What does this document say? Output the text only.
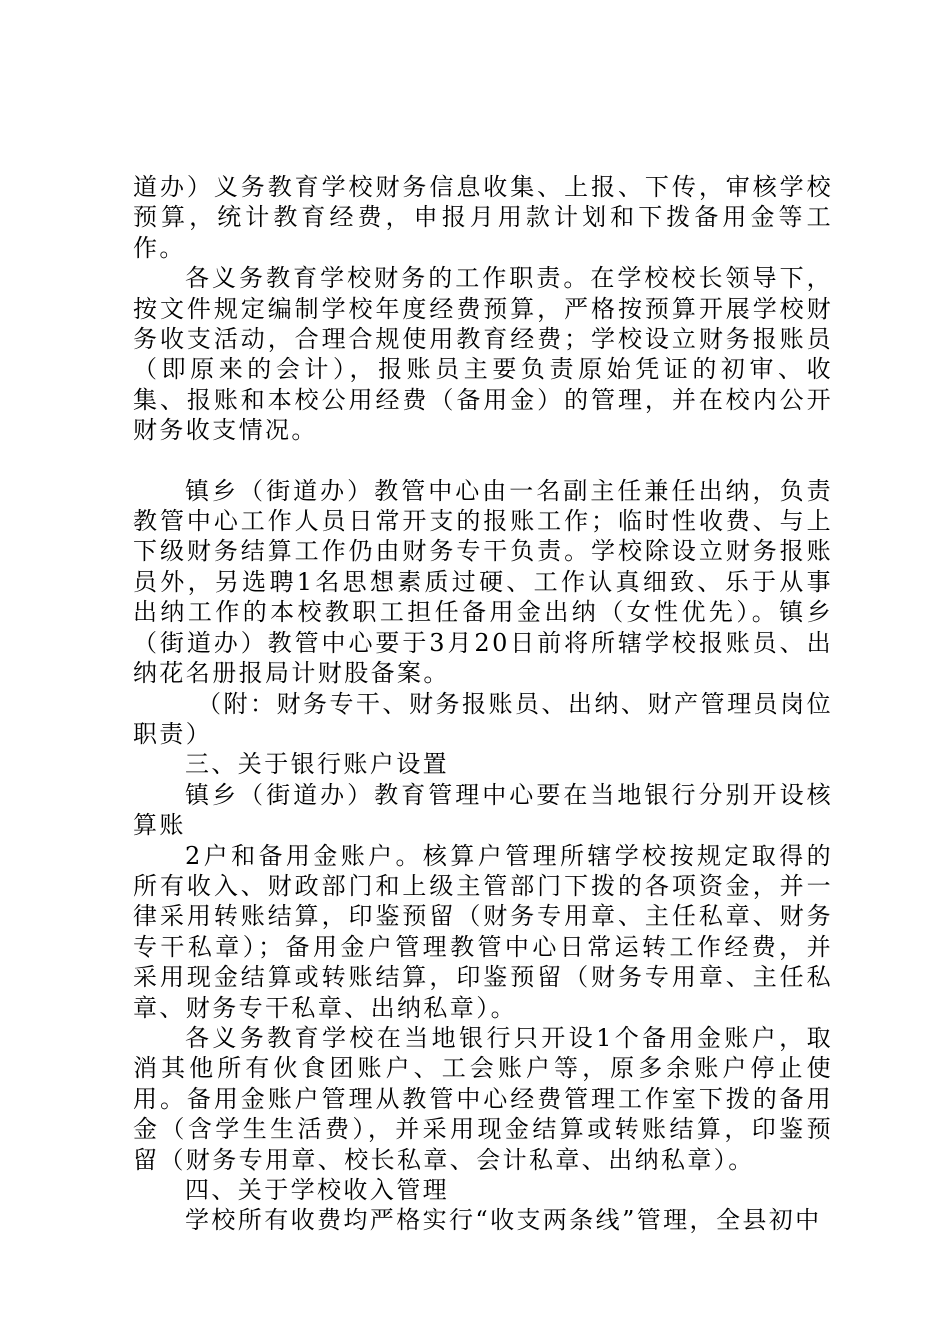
道办）义务教育学校财务信息收集、上报、下传，审核学校预算，统计教育经费，申报月用款计划和下拨备用金等工作。

各义务教育学校财务的工作职责。在学校校长领导下，按文件规定编制学校年度经费预算，严格按预算开展学校财务收支活动，合理合规使用教育经费；学校设立财务报账员（即原来的会计），报账员主要负责原始凭证的初审、收集、报账和本校公用经费（备用金）的管理，并在校内公开财务收支情况。

镇乡（街道办）教管中心由一名副主任兼任出纳，负责教管中心工作人员日常开支的报账工作；临时性收费、与上下级财务结算工作仍由财务专干负责。学校除设立财务报账员外，另选聘1名思想素质过硬、工作认真细致、乐于从事出纳工作的本校教职工担任备用金出纳（女性优先）。镇乡（街道办）教管中心要于3月20日前将所辖学校报账员、出纳花名册报局计财股备案。

（附：财务专干、财务报账员、出纳、财产管理员岗位职责）

三、关于银行账户设置

镇乡（街道办）教育管理中心要在当地银行分别开设核算账

2户和备用金账户。核算户管理所辖学校按规定取得的所有收入、财政部门和上级主管部门下拨的各项资金，并一律采用转账结算，印鉴预留（财务专用章、主任私章、财务专干私章）；备用金户管理教管中心日常运转工作经费，并采用现金结算或转账结算，印鉴预留（财务专用章、主任私章、财务专干私章、出纳私章）。

各义务教育学校在当地银行只开设1个备用金账户，取消其他所有伙食团账户、工会账户等，原多余账户停止使用。备用金账户管理从教管中心经费管理工作室下拨的备用金（含学生生活费），并采用现金结算或转账结算，印鉴预留（财务专用章、校长私章、会计私章、出纳私章）。

四、关于学校收入管理

学校所有收费均严格实行“收支两条线”管理，全县初中
